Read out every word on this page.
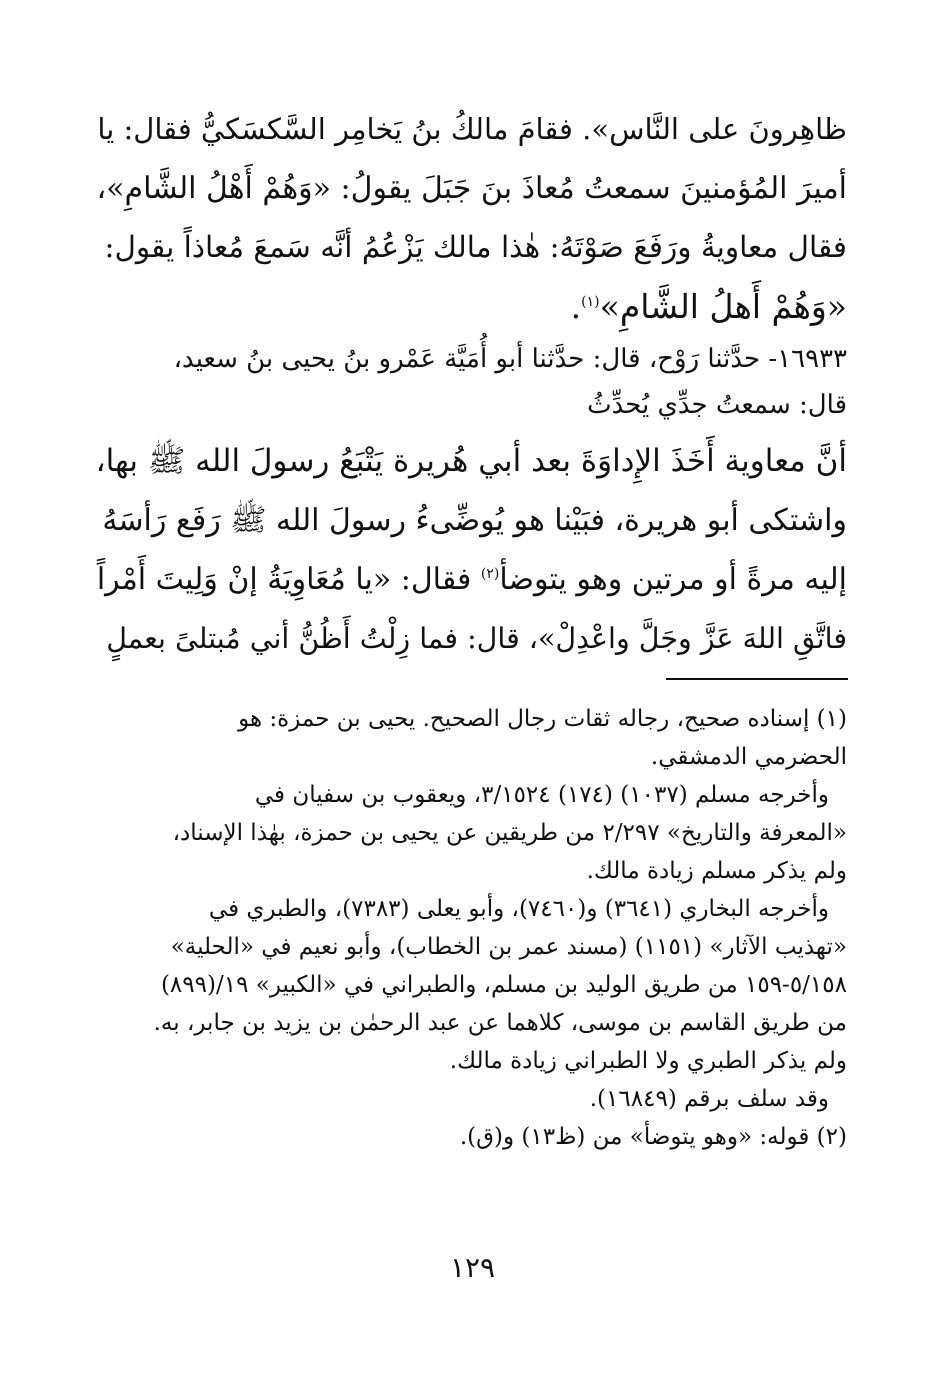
ظاهِرونَ على النَّاس». فقامَ مالكُ بنُ يَخامِر السَّكسَكيُّ فقال: يا
أميرَ المُؤمنينَ سمعتُ مُعاذَ بنَ جَبَلَ يقولُ: «وَهُمْ أَهْلُ الشَّامِ»،
فقال معاويةُ ورَفَعَ صَوْتَهُ: هٰذا مالك يَزْعُمُ أنَّه سَمعَ مُعاذاً يقول:
«وَهُمْ أَهلُ الشَّامِ»$^{(١)}$.
١٦٩٣٣- حدَّثنا رَوْح، قال: حدَّثنا أبو أُمَيَّة عَمْرو بنُ يحيى بنُ سعيد،
قال: سمعتُ جدِّي يُحدِّثُ
أنَّ معاوية أَخَذَ الإِداوَةَ بعد أبي هُريرة يَتْبَعُ رسولَ الله ﷺ بها،
واشتكى أبو هريرة، فبَيْنا هو يُوضِّىءُ رسولَ الله ﷺ رَفَع رَأسَهُ
إليه مرةً أو مرتين وهو يتوضأ$^{(٢)}$ فقال: «يا مُعَاوِيَةُ إنْ وَلِيتَ أَمْراً
فاتَّقِ اللهَ عَزَّ وجَلَّ واعْدِلْ»، قال: فما زِلْتُ أَظُنُّ أني مُبتلىً بعملٍ
(١) إسناده صحيح، رجاله ثقات رجال الصحيح. يحيى بن حمزة: هو
الحضرمي الدمشقي.
وأخرجه مسلم (١٠٣٧) (١٧٤) ٣/١٥٢٤، ويعقوب بن سفيان في
«المعرفة والتاريخ» ٢/٢٩٧ من طريقين عن يحيى بن حمزة، بهٰذا الإسناد،
ولم يذكر مسلم زيادة مالك.
وأخرجه البخاري (٣٦٤١) و(٧٤٦٠)، وأبو يعلى (٧٣٨٣)، والطبري في
«تهذيب الآثار» (١١٥١) (مسند عمر بن الخطاب)، وأبو نعيم في «الحلية»
٥/١٥٨-١٥٩ من طريق الوليد بن مسلم، والطبراني في «الكبير» ١٩/(٨٩٩)
من طريق القاسم بن موسى، كلاهما عن عبد الرحمٰن بن يزيد بن جابر، به.
ولم يذكر الطبري ولا الطبراني زيادة مالك.
وقد سلف برقم (١٦٨٤٩).
(٢) قوله: «وهو يتوضأ» من (ظ١٣) و(ق).
١٢٩
